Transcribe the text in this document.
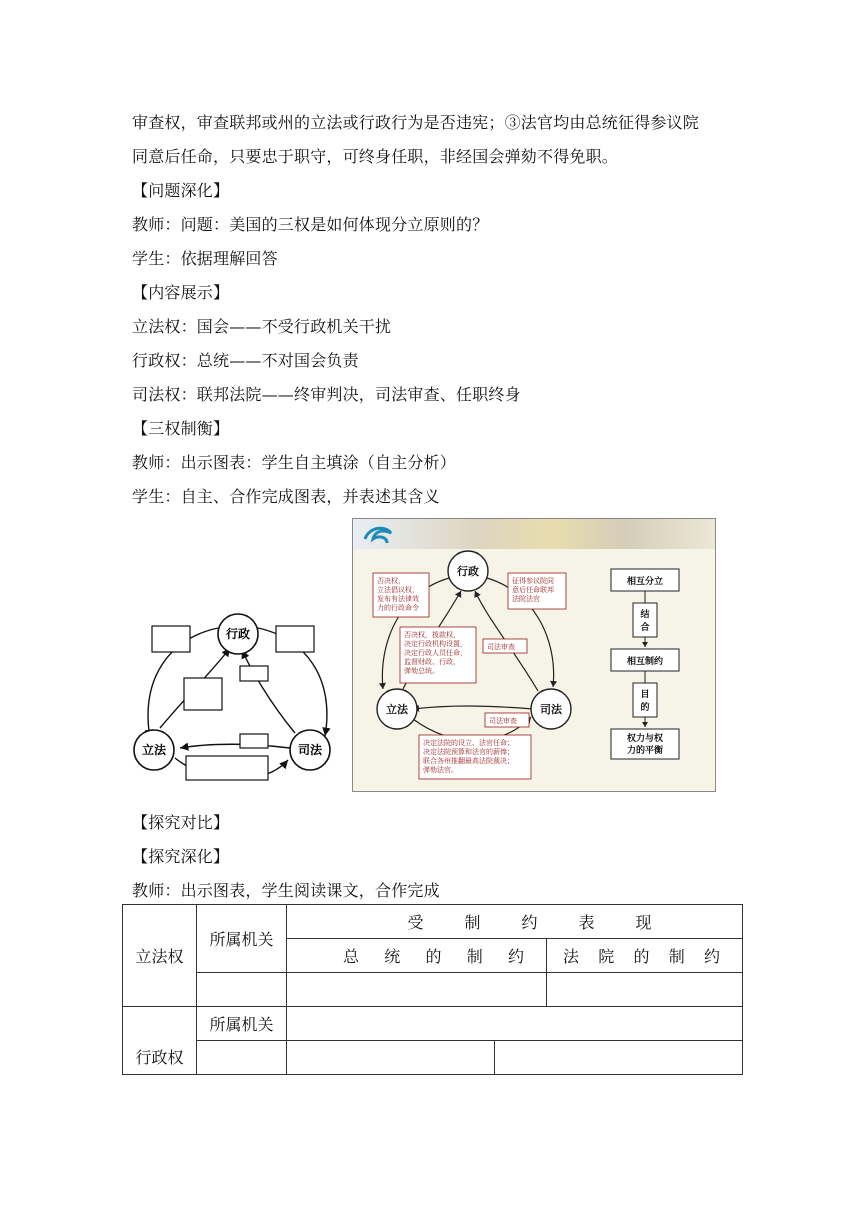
审查权，审查联邦或州的立法或行政行为是否违宪；③法官均由总统征得参议院
同意后任命，只要忠于职守，可终身任职，非经国会弹劾不得免职。
【问题深化】
教师：问题：美国的三权是如何体现分立原则的？
学生：依据理解回答
【内容展示】
立法权：国会——不受行政机关干扰
行政权：总统——不对国会负责
司法权：联邦法院——终审判决，司法审查、任职终身
【三权制衡】
教师：出示图表：学生自主填涂（自主分析）
学生：自主、合作完成图表，并表述其含义
行政
立法	司法
行政
立法	司法
否决权，
立法倡议权，
发布有法律效
力的行政命令
征得参议院同
意后任命联邦
法院法官
否决权，拨款权，
决定行政机构设置，
决定行政人员任命，
监督财政、行政，
弹劾总统。
司法审查
司法审查
决定法院的设立、法官任命；
决定法院预算和法官的薪俸；
联合各州推翻最高法院裁决；
弹劾法官。
相互分立
结
合
相互制约
目
的
权力与权
力的平衡
【探究对比】
【探究深化】
教师：出示图表，学生阅读课文，合作完成
立法权	所属机关	受 制 约 表 现		

		总 统 的 制 约		法 院 的 制 约

行政权	所属机关			
